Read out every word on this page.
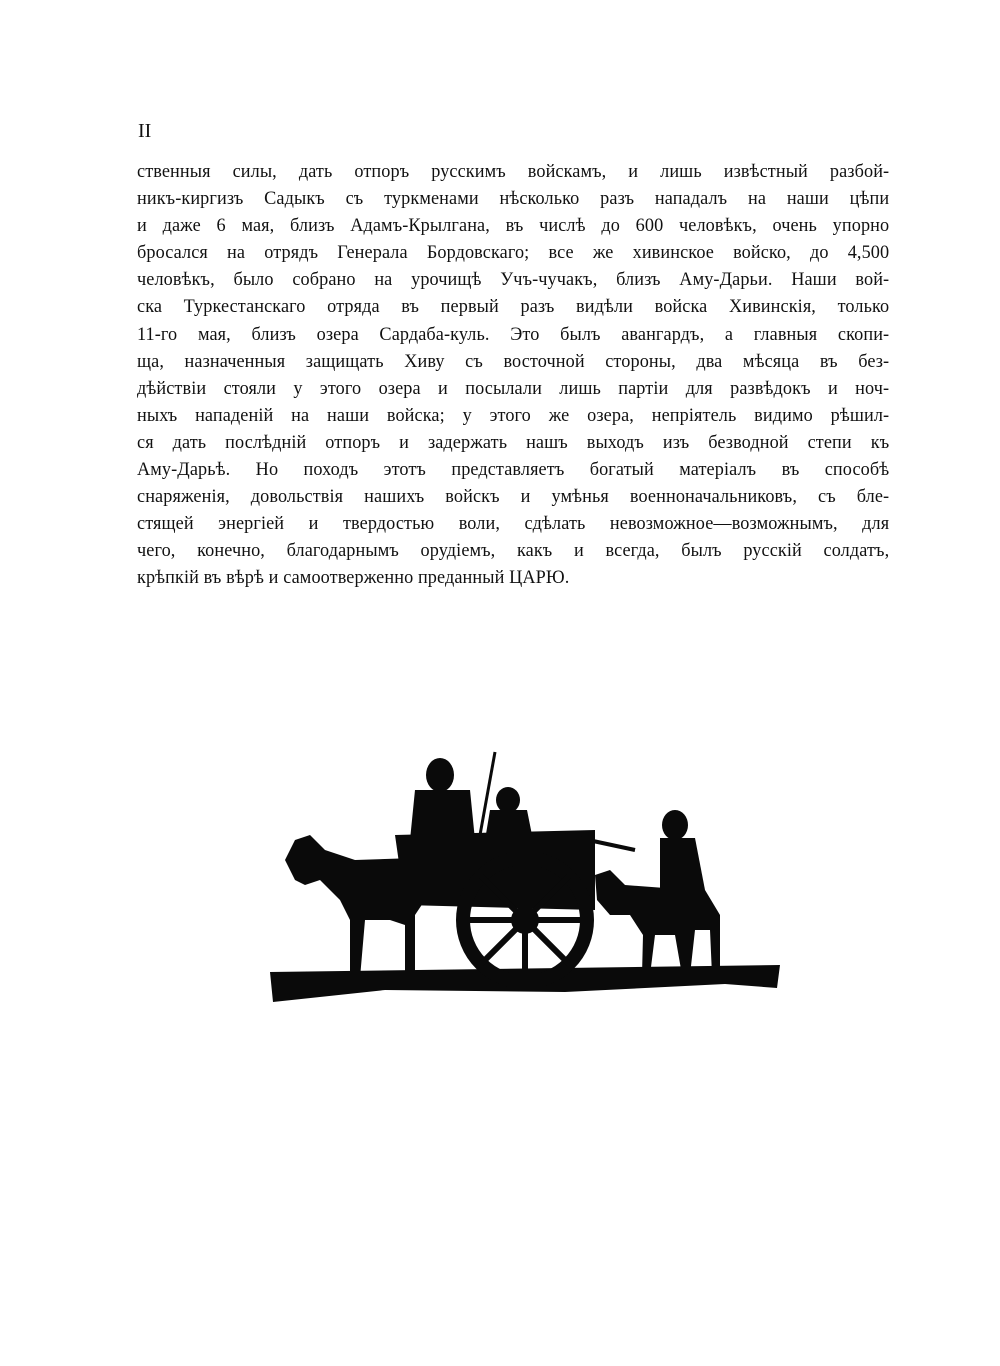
II
ственныя силы, дать отпоръ русскимъ войскамъ, и лишь извѣстный разбой-
никъ-киргизъ Садыкъ съ туркменами нѣсколько разъ нападалъ на наши цѣпи
и даже 6 мая, близъ Адамъ-Крылгана, въ числѣ до 600 человѣкъ, очень упорно
бросался на отрядъ Генерала Бордовскаго; все же хивинское войско, до 4,500
человѣкъ, было собрано на урочищѣ Учъ-чучакъ, близъ Аму-Дарьи. Наши вой-
ска Туркестанскаго отряда въ первый разъ видѣли войска Хивинскія, только
11-го мая, близъ озера Сардаба-куль. Это былъ авангардъ, а главныя скопи-
ща, назначенныя защищать Хиву съ восточной стороны, два мѣсяца въ без-
дѣйствіи стояли у этого озера и посылали лишь партіи для развѣдокъ и ноч-
ныхъ нападеній на наши войска; у этого же озера, непріятель видимо рѣшил-
ся дать послѣдній отпоръ и задержать нашъ выходъ изъ безводной степи къ
Аму-Дарьѣ. Но походъ этотъ представляетъ богатый матеріалъ въ способѣ
снаряженія, довольствія нашихъ войскъ и умѣнья военноначальниковъ, съ бле-
стящей энергіей и твердостью воли, сдѣлать невозможное—возможнымъ, для
чего, конечно, благодарнымъ орудіемъ, какъ и всегда, былъ русскій солдатъ,
крѣпкій въ вѣрѣ и самоотверженно преданный ЦАРЮ.
